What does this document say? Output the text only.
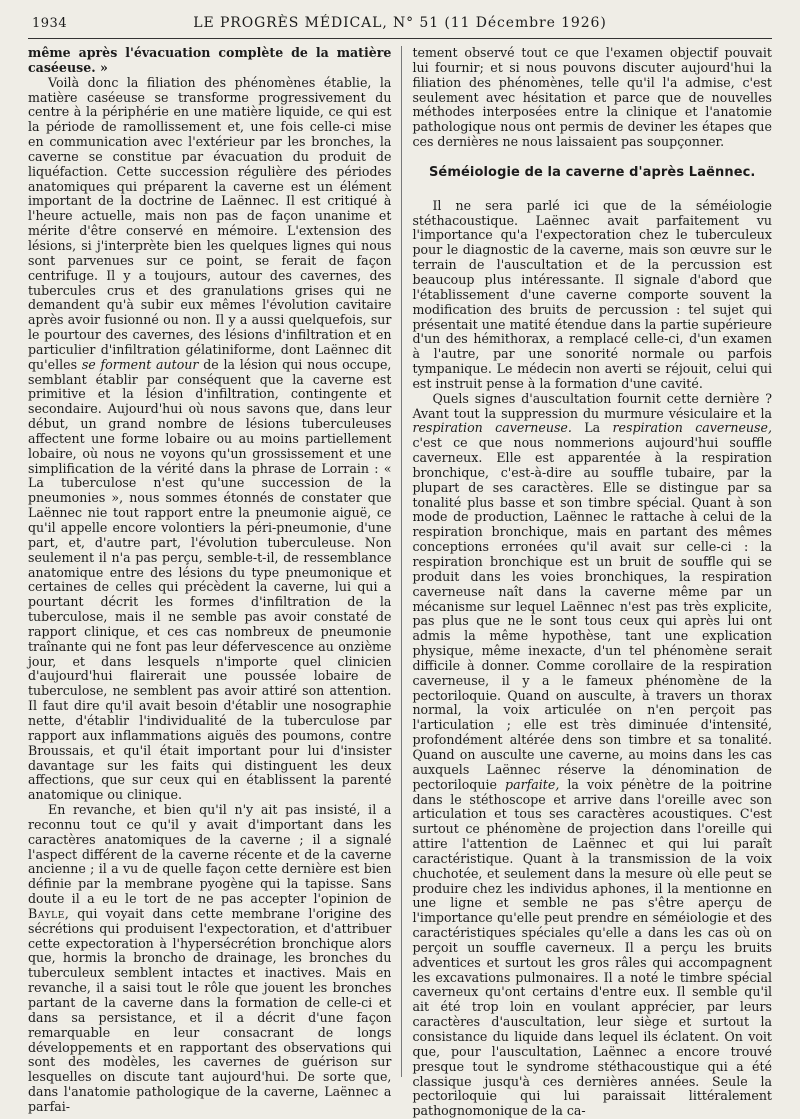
1934	LE PROGRÈS MÉDICAL, N° 51 (11 Décembre 1926)

même après l'évacuation complète de la matière caséeuse. »

Voilà donc la filiation des phénomènes établie, la matière caséeuse se transforme progressivement du centre à la périphérie en une matière liquide, ce qui est la période de ramollissement et, une fois celle-ci mise en communication avec l'extérieur par les bronches, la caverne se constitue par évacuation du produit de liquéfaction. Cette succession régulière des périodes anatomiques qui préparent la caverne est un élément important de la doctrine de Laënnec. Il est critiqué à l'heure actuelle, mais non pas de façon unanime et mérite d'être conservé en mémoire. L'extension des lésions, si j'interprète bien les quelques lignes qui nous sont parvenues sur ce point, se ferait de façon centrifuge. Il y a toujours, autour des cavernes, des tubercules crus et des granulations grises qui ne demandent qu'à subir eux mêmes l'évolution cavitaire après avoir fusionné ou non. Il y a aussi quelquefois, sur le pourtour des cavernes, des lésions d'infiltration et en particulier d'infiltration gélatiniforme, dont Laënnec dit qu'elles se forment autour de la lésion qui nous occupe, semblant établir par conséquent que la caverne est primitive et la lésion d'infiltration, contingente et secondaire. Aujourd'hui où nous savons que, dans leur début, un grand nombre de lésions tuberculeuses affectent une forme lobaire ou au moins partiellement lobaire, où nous ne voyons qu'un grossissement et une simplification de la vérité dans la phrase de Lorrain : « La tuberculose n'est qu'une succession de la pneumonies », nous sommes étonnés de constater que Laënnec nie tout rapport entre la pneumonie aiguë, ce qu'il appelle encore volontiers la péri-pneumonie, d'une part, et, d'autre part, l'évolution tuberculeuse. Non seulement il n'a pas perçu, semble-t-il, de ressemblance anatomique entre des lésions du type pneumonique et certaines de celles qui précèdent la caverne, lui qui a pourtant décrit les formes d'infiltration de la tuberculose, mais il ne semble pas avoir constaté de rapport clinique, et ces cas nombreux de pneumonie traînante qui ne font pas leur défervescence au onzième jour, et dans lesquels n'importe quel clinicien d'aujourd'hui flairerait une poussée lobaire de tuberculose, ne semblent pas avoir attiré son attention. Il faut dire qu'il avait besoin d'établir une nosographie nette, d'établir l'individualité de la tuberculose par rapport aux inflammations aiguës des poumons, contre Broussais, et qu'il était important pour lui d'insister davantage sur les faits qui distinguent les deux affections, que sur ceux qui en établissent la parenté anatomique ou clinique.

En revanche, et bien qu'il n'y ait pas insisté, il a reconnu tout ce qu'il y avait d'important dans les caractères anatomiques de la caverne ; il a signalé l'aspect différent de la caverne récente et de la caverne ancienne ; il a vu de quelle façon cette dernière est bien définie par la membrane pyogène qui la tapisse. Sans doute il a eu le tort de ne pas accepter l'opinion de Bayle, qui voyait dans cette membrane l'origine des sécrétions qui produisent l'expectoration, et d'attribuer cette expectoration à l'hypersécrétion bronchique alors que, hormis la broncho de drainage, les bronches du tuberculeux semblent intactes et inactives. Mais en revanche, il a saisi tout le rôle que jouent les bronches partant de la caverne dans la formation de celle-ci et dans sa persistance, et il a décrit d'une façon remarquable en leur consacrant de longs développements et en rapportant des observations qui sont des modèles, les cavernes de guérison sur lesquelles on discute tant aujourd'hui. De sorte que, dans l'anatomie pathologique de la caverne, Laënnec a parfai-

tement observé tout ce que l'examen objectif pouvait lui fournir; et si nous pouvons discuter aujourd'hui la filiation des phénomènes, telle qu'il l'a admise, c'est seulement avec hésitation et parce que de nouvelles méthodes interposées entre la clinique et l'anatomie pathologique nous ont permis de deviner les étapes que ces dernières ne nous laissaient pas soupçonner.

Séméiologie de la caverne d'après Laënnec.

Il ne sera parlé ici que de la séméiologie stéthacoustique. Laënnec avait parfaitement vu l'importance qu'a l'expectoration chez le tuberculeux pour le diagnostic de la caverne, mais son œuvre sur le terrain de l'auscultation et de la percussion est beaucoup plus intéressante. Il signale d'abord que l'établissement d'une caverne comporte souvent la modification des bruits de percussion : tel sujet qui présentait une matité étendue dans la partie supérieure d'un des hémithorax, a remplacé celle-ci, d'un examen à l'autre, par une sonorité normale ou parfois tympanique. Le médecin non averti se réjouit, celui qui est instruit pense à la formation d'une cavité.

Quels signes d'auscultation fournit cette dernière ? Avant tout la suppression du murmure vésiculaire et la respiration caverneuse. La respiration caverneuse, c'est ce que nous nommerions aujourd'hui souffle caverneux. Elle est apparentée à la respiration bronchique, c'est-à-dire au souffle tubaire, par la plupart de ses caractères. Elle se distingue par sa tonalité plus basse et son timbre spécial. Quant à son mode de production, Laënnec le rattache à celui de la respiration bronchique, mais en partant des mêmes conceptions erronées qu'il avait sur celle-ci : la respiration bronchique est un bruit de souffle qui se produit dans les voies bronchiques, la respiration caverneuse naît dans la caverne même par un mécanisme sur lequel Laënnec n'est pas très explicite, pas plus que ne le sont tous ceux qui après lui ont admis la même hypothèse, tant une explication physique, même inexacte, d'un tel phénomène serait difficile à donner. Comme corollaire de la respiration caverneuse, il y a le fameux phénomène de la pectoriloquie. Quand on ausculte, à travers un thorax normal, la voix articulée on n'en perçoit pas l'articulation ; elle est très diminuée d'intensité, profondément altérée dens son timbre et sa tonalité. Quand on ausculte une caverne, au moins dans les cas auxquels Laënnec réserve la dénomination de pectoriloquie parfaite, la voix pénètre de la poitrine dans le stéthoscope et arrive dans l'oreille avec son articulation et tous ses caractères acoustiques. C'est surtout ce phénomène de projection dans l'oreille qui attire l'attention de Laënnec et qui lui paraît caractéristique. Quant à la transmission de la voix chuchotée, et seulement dans la mesure où elle peut se produire chez les individus aphones, il la mentionne en une ligne et semble ne pas s'être aperçu de l'importance qu'elle peut prendre en séméiologie et des caractéristiques spéciales qu'elle a dans les cas où on perçoit un souffle caverneux. Il a perçu les bruits adventices et surtout les gros râles qui accompagnent les excavations pulmonaires. Il a noté le timbre spécial caverneux qu'ont certains d'entre eux. Il semble qu'il ait été trop loin en voulant apprécier, par leurs caractères d'auscultation, leur siège et surtout la consistance du liquide dans lequel ils éclatent. On voit que, pour l'auscultation, Laënnec a encore trouvé presque tout le syndrome stéthacoustique qui a été classique jusqu'à ces dernières années. Seule la pectoriloquie qui lui paraissait littéralement pathognomonique de la ca-
